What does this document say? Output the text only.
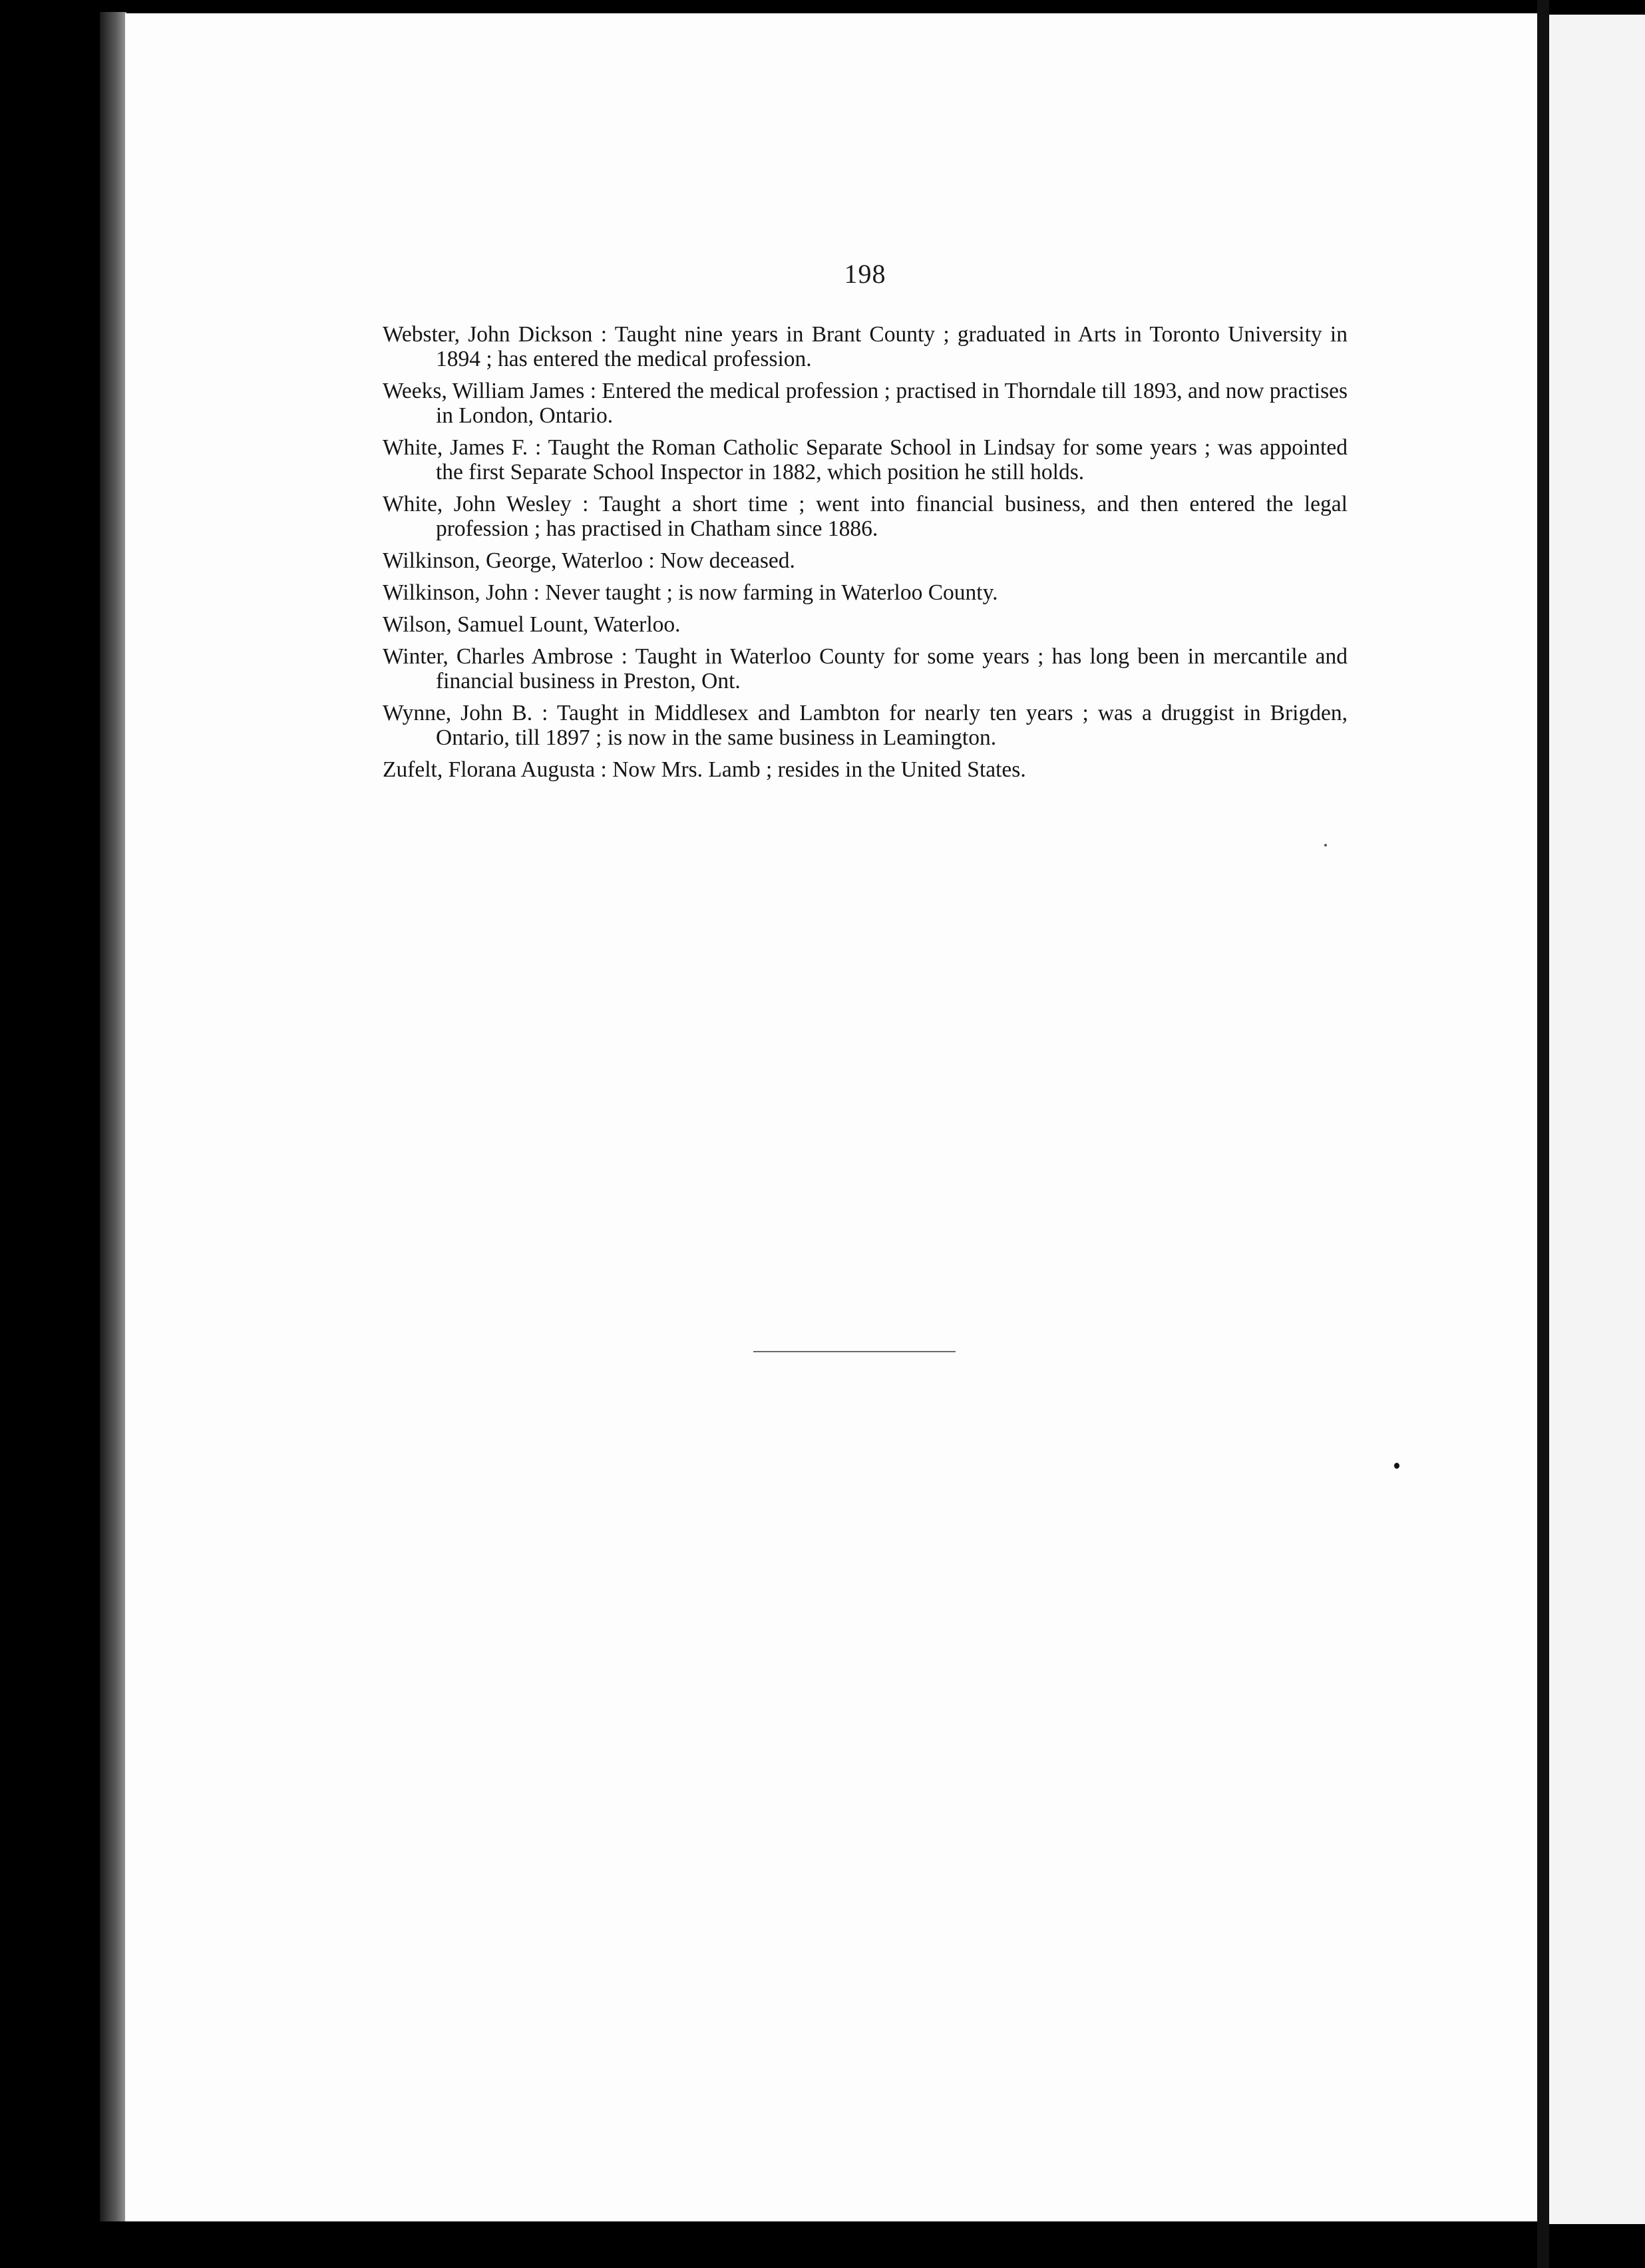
198
Webster, John Dickson : Taught nine years in Brant County ; graduated in Arts in Toronto University in 1894 ; has entered the medical profession.
Weeks, William James : Entered the medical profession ; practised in Thorndale till 1893, and now practises in London, Ontario.
White, James F. : Taught the Roman Catholic Separate School in Lindsay for some years ; was appointed the first Separate School Inspector in 1882, which position he still holds.
White, John Wesley : Taught a short time ; went into financial business, and then entered the legal profession ; has practised in Chatham since 1886.
Wilkinson, George, Waterloo : Now deceased.
Wilkinson, John : Never taught ; is now farming in Waterloo County.
Wilson, Samuel Lount, Waterloo.
Winter, Charles Ambrose : Taught in Waterloo County for some years ; has long been in mercantile and financial business in Preston, Ont.
Wynne, John B. : Taught in Middlesex and Lambton for nearly ten years ; was a druggist in Brigden, Ontario, till 1897 ; is now in the same business in Leamington.
Zufelt, Florana Augusta : Now Mrs. Lamb ; resides in the United States.
